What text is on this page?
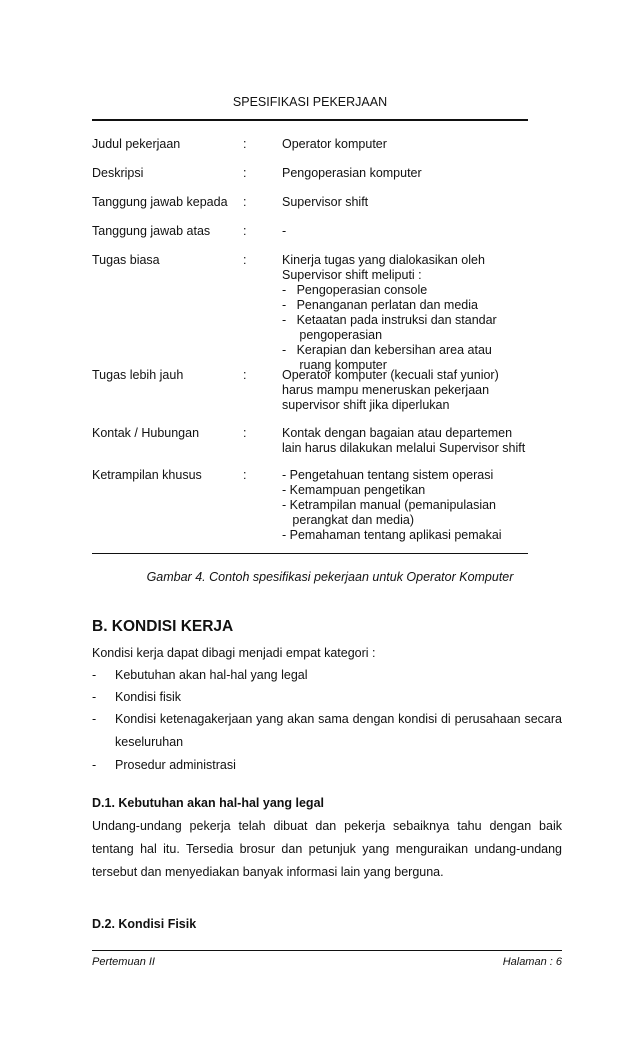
SPESIFIKASI PEKERJAAN
Judul pekerjaan	:	Operator komputer
Deskripsi	:	Pengoperasian komputer
Tanggung jawab kepada :	Supervisor shift
Tanggung jawab atas	:	-
Tugas biasa	:	Kinerja tugas yang dialokasikan oleh
Supervisor shift meliputi :
-   Pengoperasian console
-   Penanganan perlatan dan media
-   Ketaatan pada instruksi dan standar
pengoperasian
-   Kerapian dan kebersihan area atau
ruang komputer
Tugas lebih jauh	:	Operator komputer (kecuali staf yunior)
harus mampu meneruskan pekerjaan
supervisor shift jika diperlukan
Kontak / Hubungan	:	Kontak dengan bagaian atau departemen
lain harus dilakukan melalui Supervisor shift
Ketrampilan khusus	:	- Pengetahuan tentang sistem operasi
- Kemampuan pengetikan
- Ketrampilan manual (pemanipulasian
perangkat dan media)
- Pemahaman tentang aplikasi pemakai
Gambar 4. Contoh spesifikasi pekerjaan untuk Operator Komputer
B. KONDISI KERJA
Kondisi kerja dapat dibagi menjadi empat kategori :
- Kebutuhan akan hal-hal yang legal
- Kondisi fisik
- Kondisi ketenagakerjaan yang akan sama dengan kondisi di perusahaan secara keseluruhan
- Prosedur administrasi
D.1. Kebutuhan akan hal-hal yang legal
Undang-undang pekerja telah dibuat dan pekerja sebaiknya tahu dengan baik
tentang hal itu. Tersedia brosur dan petunjuk yang menguraikan undang-undang
tersebut dan menyediakan banyak informasi lain yang berguna.
D.2. Kondisi Fisik
Pertemuan II	Halaman : 6
